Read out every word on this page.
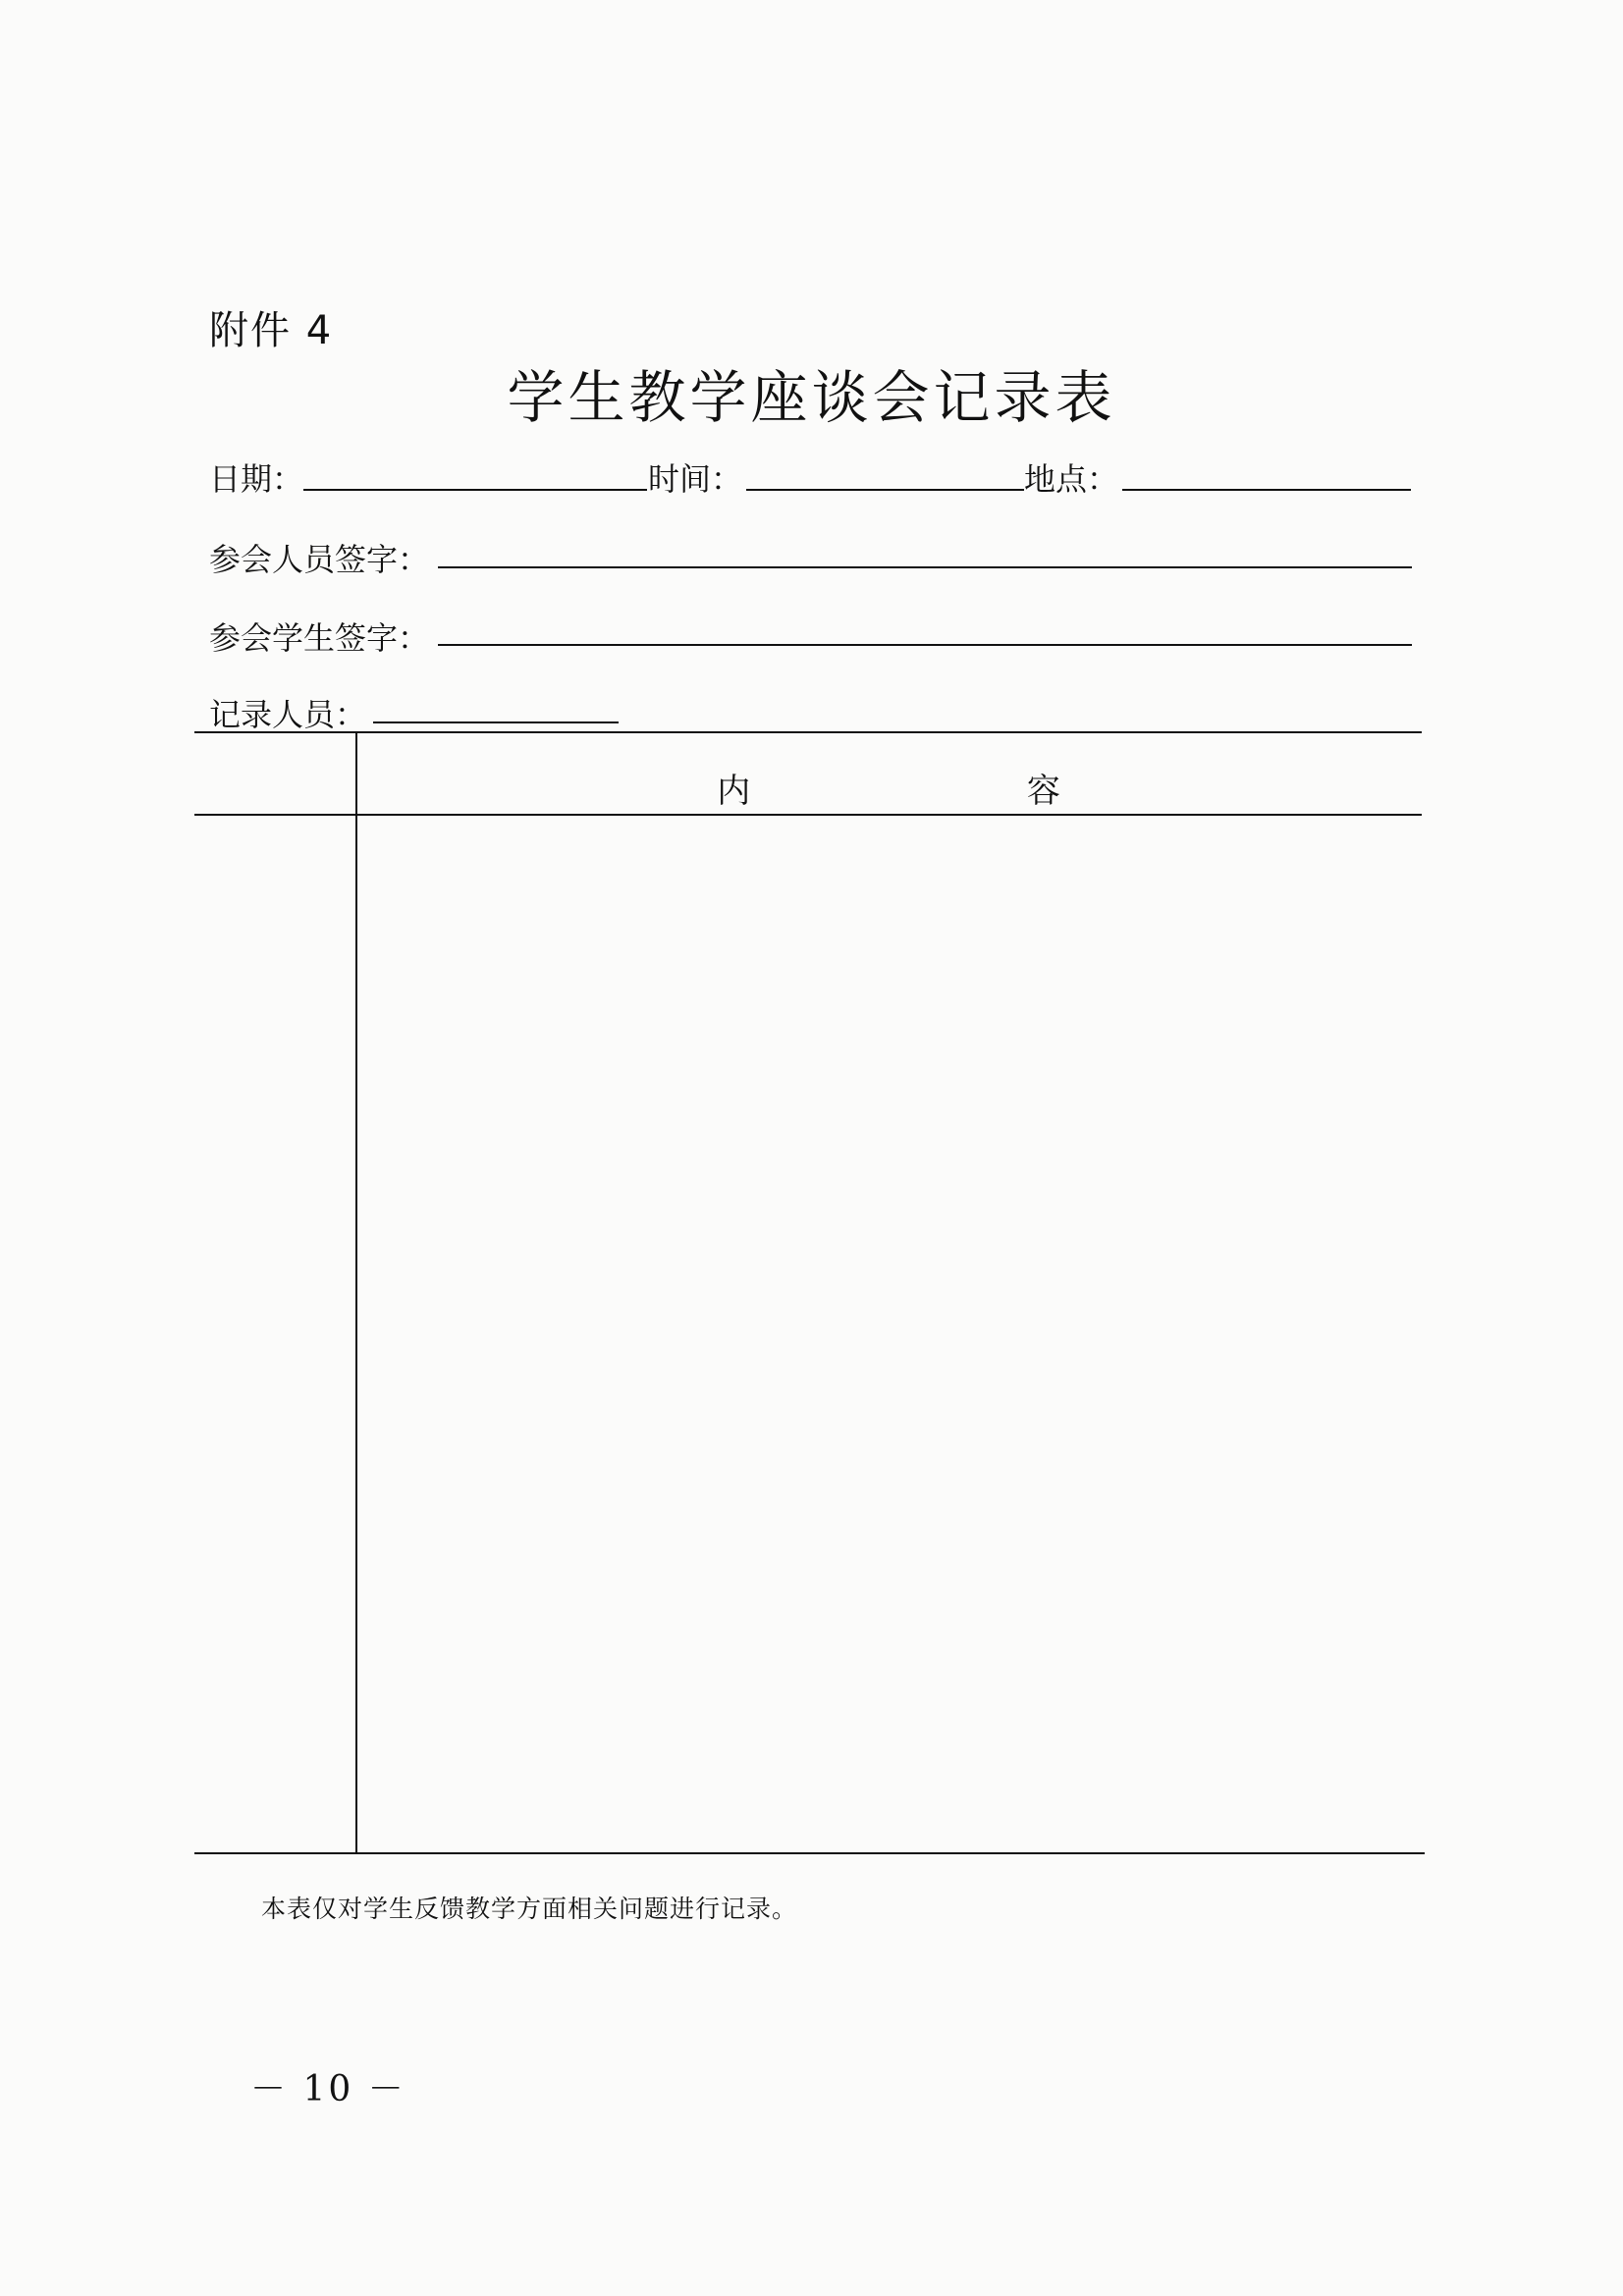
附件 4
学生教学座谈会记录表
日期：	时间：	地点：
参会人员签字：
参会学生签字：
记录人员：
内	容
本表仅对学生反馈教学方面相关问题进行记录。
－ 10 －
